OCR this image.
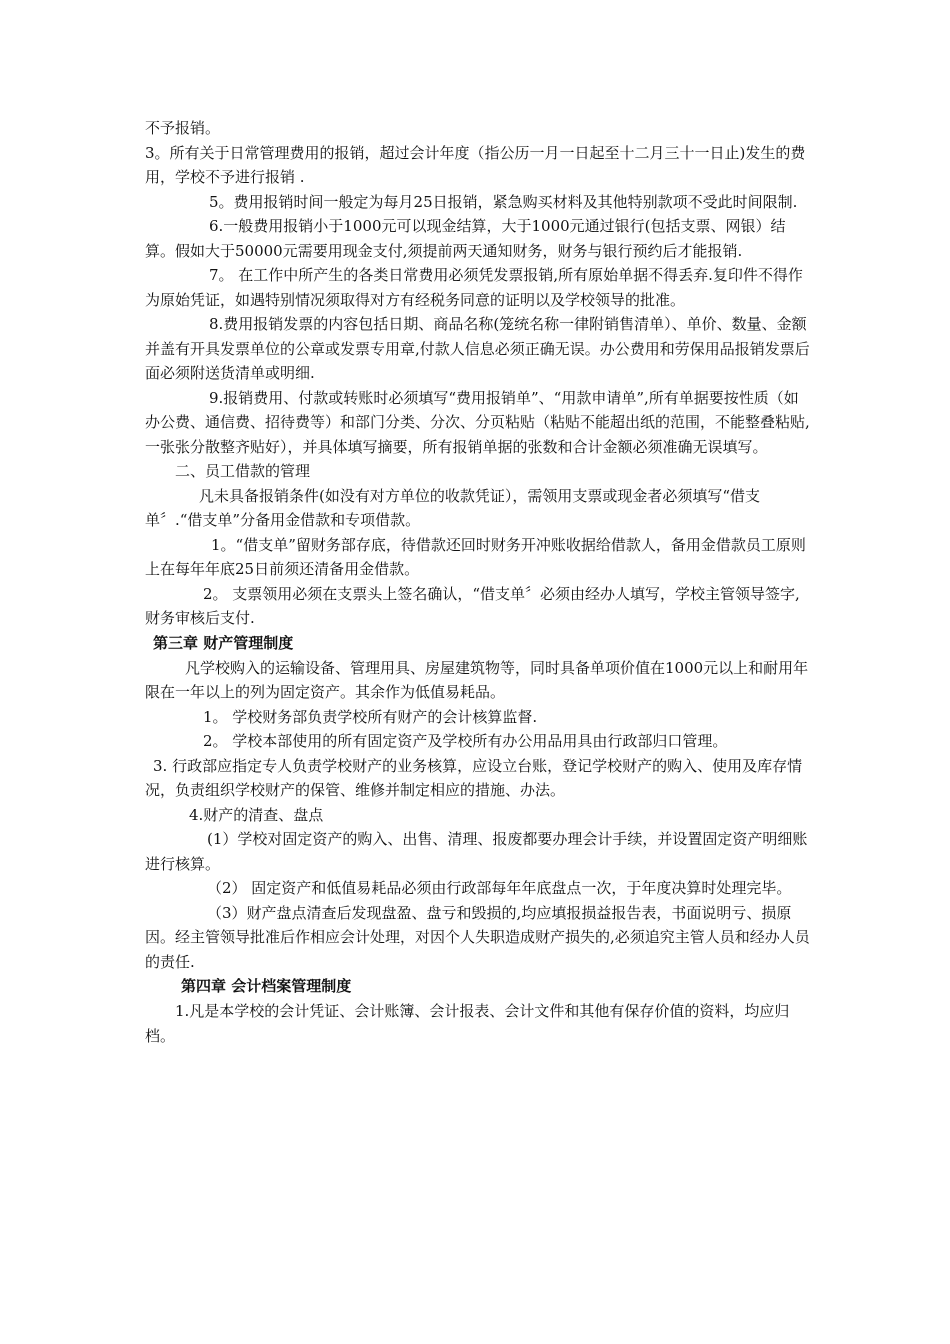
不予报销。

3。所有关于日常管理费用的报销，超过会计年度（指公历一月一日起至十二月三十一日止)发生的费用，学校不予进行报销 .

5。费用报销时间一般定为每月25日报销，紧急购买材料及其他特别款项不受此时间限制.

6.一般费用报销小于1000元可以现金结算，大于1000元通过银行(包括支票、网银）结算。假如大于50000元需要用现金支付,须提前两天通知财务，财务与银行预约后才能报销.

7。 在工作中所产生的各类日常费用必须凭发票报销,所有原始单据不得丢弃.复印件不得作为原始凭证，如遇特别情况须取得对方有经税务同意的证明以及学校领导的批准。

8.费用报销发票的内容包括日期、商品名称(笼统名称一律附销售清单）、单价、数量、金额并盖有开具发票单位的公章或发票专用章,付款人信息必须正确无误。办公费用和劳保用品报销发票后面必须附送货清单或明细.

9.报销费用、付款或转账时必须填写“费用报销单”、“用款申请单”,所有单据要按性质（如办公费、通信费、招待费等）和部门分类、分次、分页粘贴（粘贴不能超出纸的范围，不能整叠粘贴,一张张分散整齐贴好），并具体填写摘要，所有报销单据的张数和合计金额必须准确无误填写。

二、员工借款的管理

凡未具备报销条件(如没有对方单位的收款凭证），需领用支票或现金者必须填写“借支单〞.“借支单”分备用金借款和专项借款。

1。“借支单”留财务部存底，待借款还回时财务开冲账收据给借款人，备用金借款员工原则上在每年年底25日前须还清备用金借款。

2。 支票领用必须在支票头上签名确认，“借支单〞必须由经办人填写，学校主管领导签字,财务审核后支付.

第三章 财产管理制度

凡学校购入的运输设备、管理用具、房屋建筑物等，同时具备单项价值在1000元以上和耐用年限在一年以上的列为固定资产。其余作为低值易耗品。

1。 学校财务部负责学校所有财产的会计核算监督.

2。 学校本部使用的所有固定资产及学校所有办公用品用具由行政部归口管理。

3. 行政部应指定专人负责学校财产的业务核算，应设立台账，登记学校财产的购入、使用及库存情况，负责组织学校财产的保管、维修并制定相应的措施、办法。

4.财产的清查、盘点

(1）学校对固定资产的购入、出售、清理、报废都要办理会计手续，并设置固定资产明细账进行核算。

（2） 固定资产和低值易耗品必须由行政部每年年底盘点一次，于年度决算时处理完毕。

（3）财产盘点清查后发现盘盈、盘亏和毁损的,均应填报损益报告表，书面说明亏、损原因。经主管领导批准后作相应会计处理，对因个人失职造成财产损失的,必须追究主管人员和经办人员的责任.

第四章 会计档案管理制度

1.凡是本学校的会计凭证、会计账簿、会计报表、会计文件和其他有保存价值的资料，均应归档。
